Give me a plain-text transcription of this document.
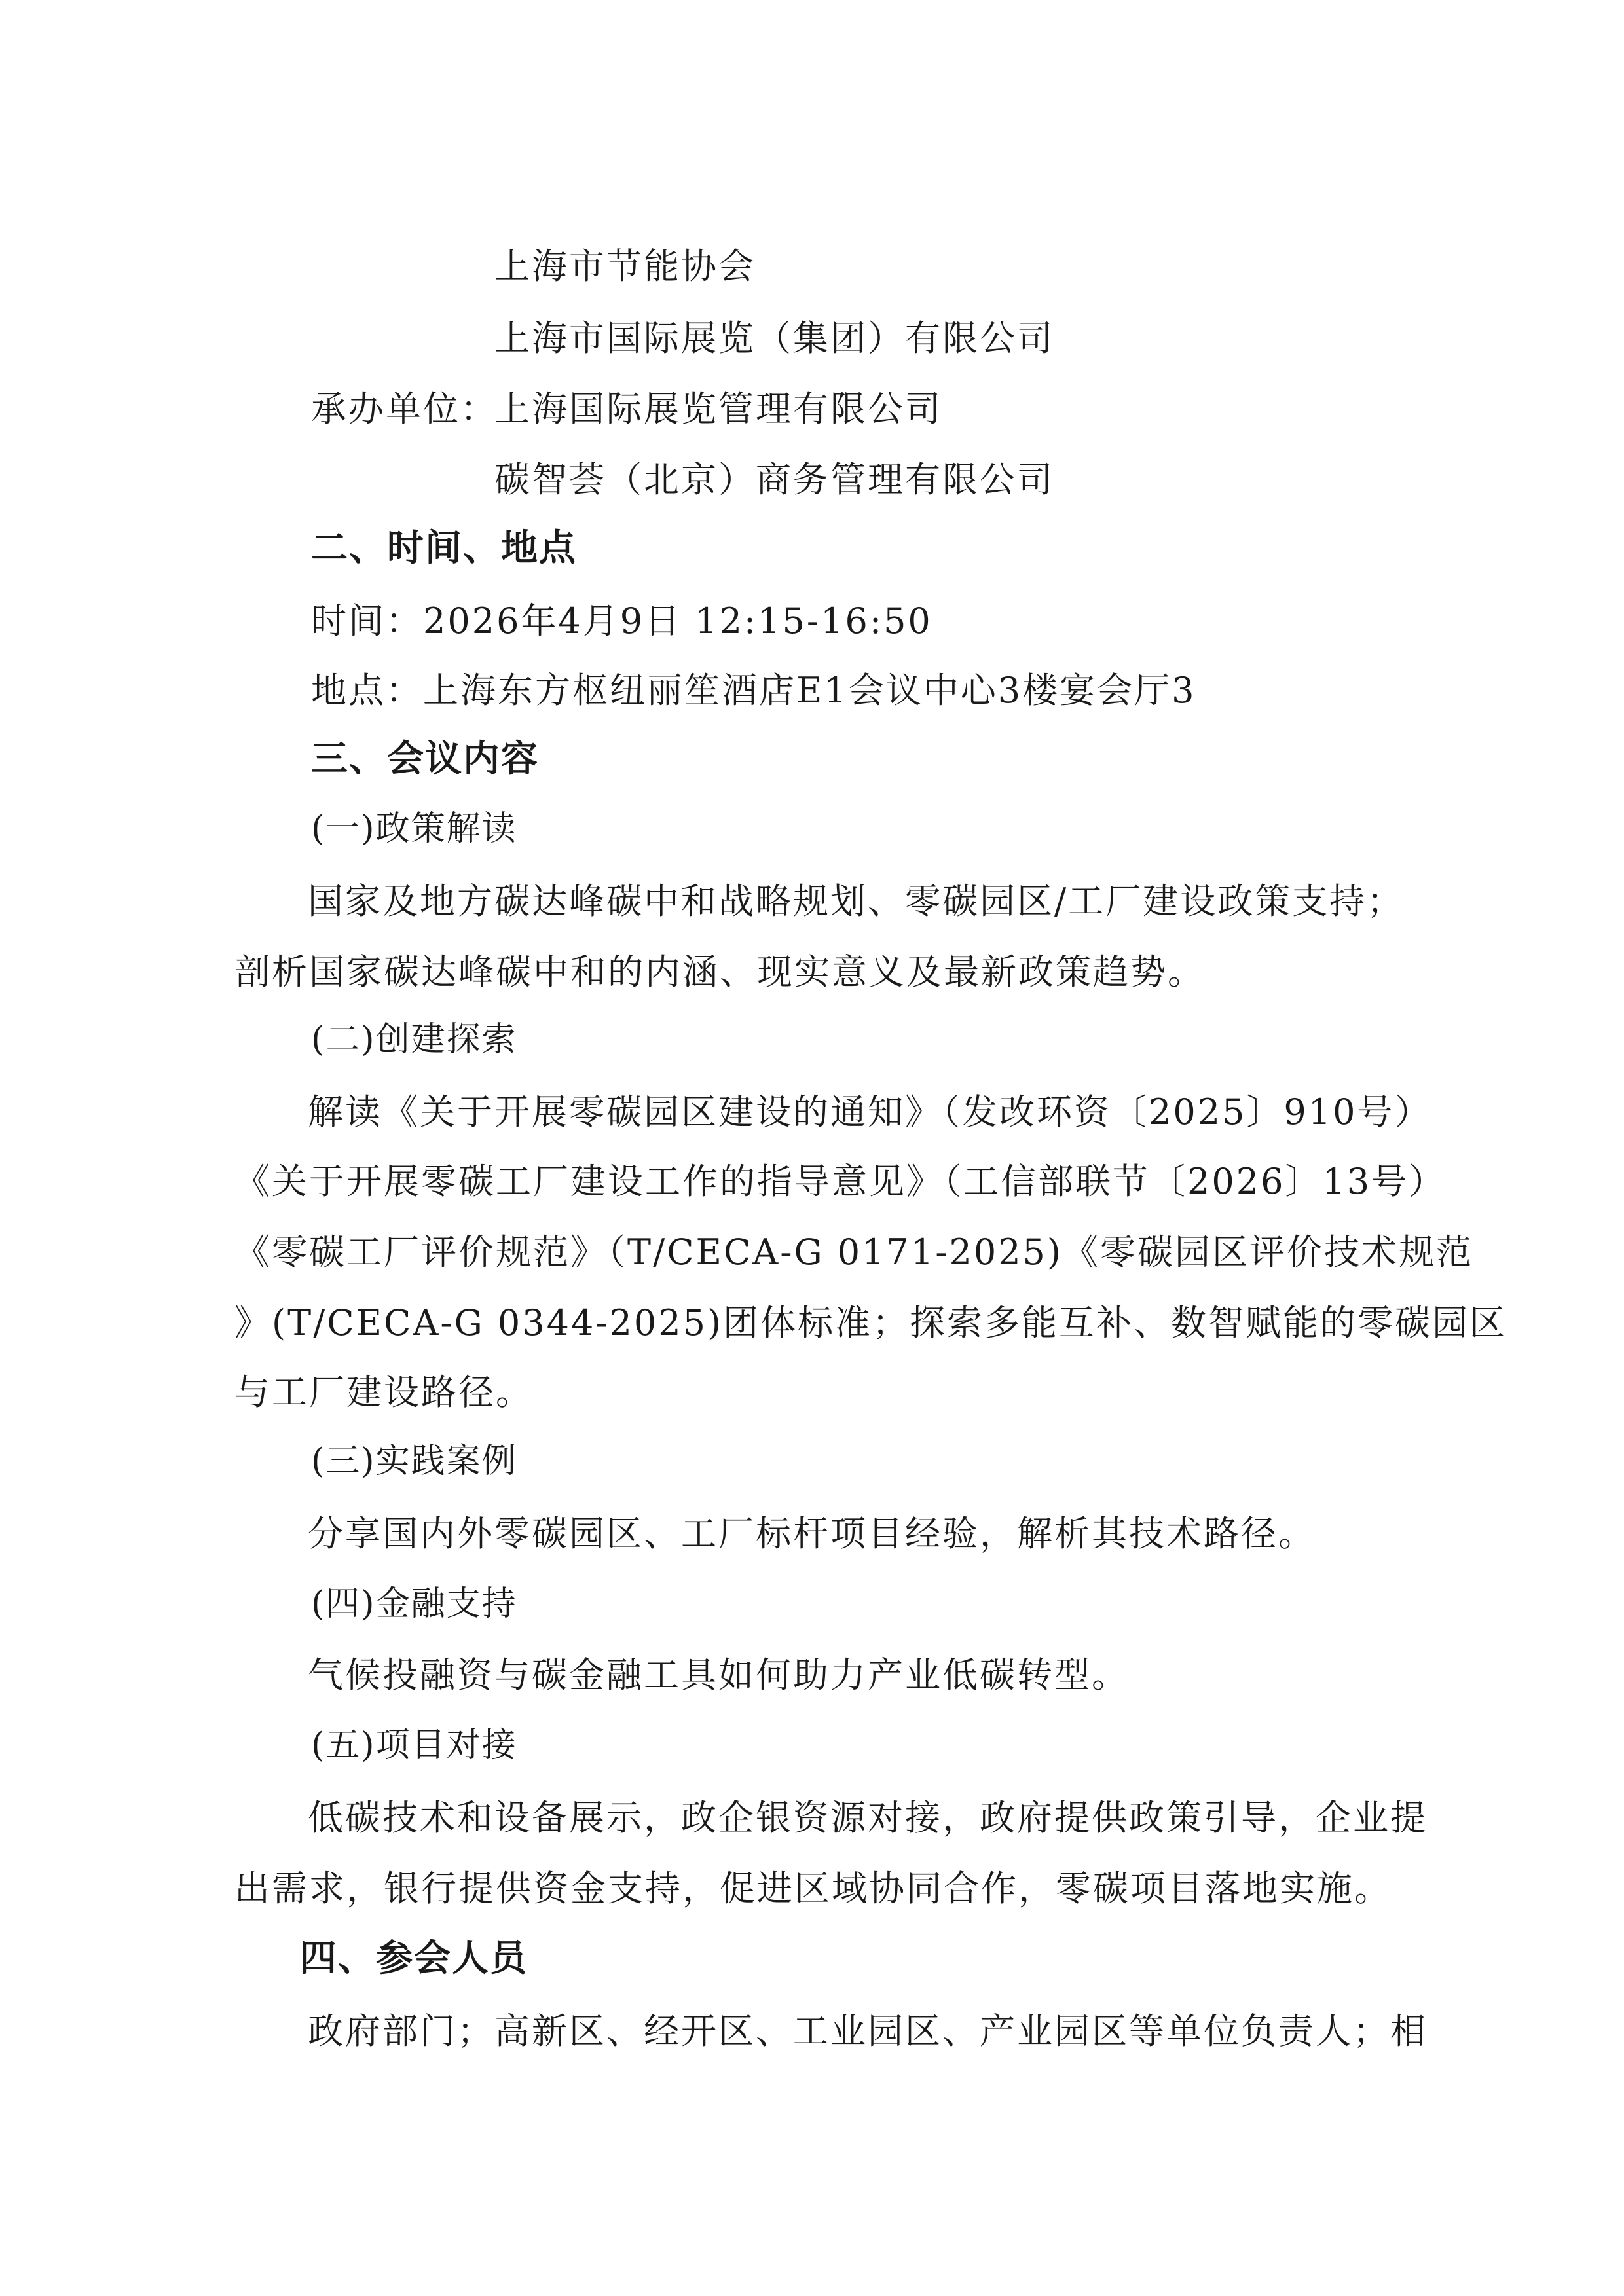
上海市节能协会
上海市国际展览（集团）有限公司
承办单位：
上海国际展览管理有限公司
碳智荟（北京）商务管理有限公司
二、时间、地点
时间：2026年4月9日 12:15-16:50
地点：上海东方枢纽丽笙酒店E1会议中心3楼宴会厅3
三、会议内容
(一)政策解读
国家及地方碳达峰碳中和战略规划、零碳园区/工厂建设政策支持；
剖析国家碳达峰碳中和的内涵、现实意义及最新政策趋势。
(二)创建探索
解读《关于开展零碳园区建设的通知》（发改环资〔2025〕910号）
《关于开展零碳工厂建设工作的指导意见》（工信部联节〔2026〕13号）
《零碳工厂评价规范》（T/CECA-G 0171-2025)《零碳园区评价技术规范
》(T/CECA-G 0344-2025)团体标准；探索多能互补、数智赋能的零碳园区
与工厂建设路径。
(三)实践案例
分享国内外零碳园区、工厂标杆项目经验，解析其技术路径。
(四)金融支持
气候投融资与碳金融工具如何助力产业低碳转型。
(五)项目对接
低碳技术和设备展示，政企银资源对接，政府提供政策引导，企业提
出需求，银行提供资金支持，促进区域协同合作，零碳项目落地实施。
四、参会人员
政府部门；高新区、经开区、工业园区、产业园区等单位负责人；相
